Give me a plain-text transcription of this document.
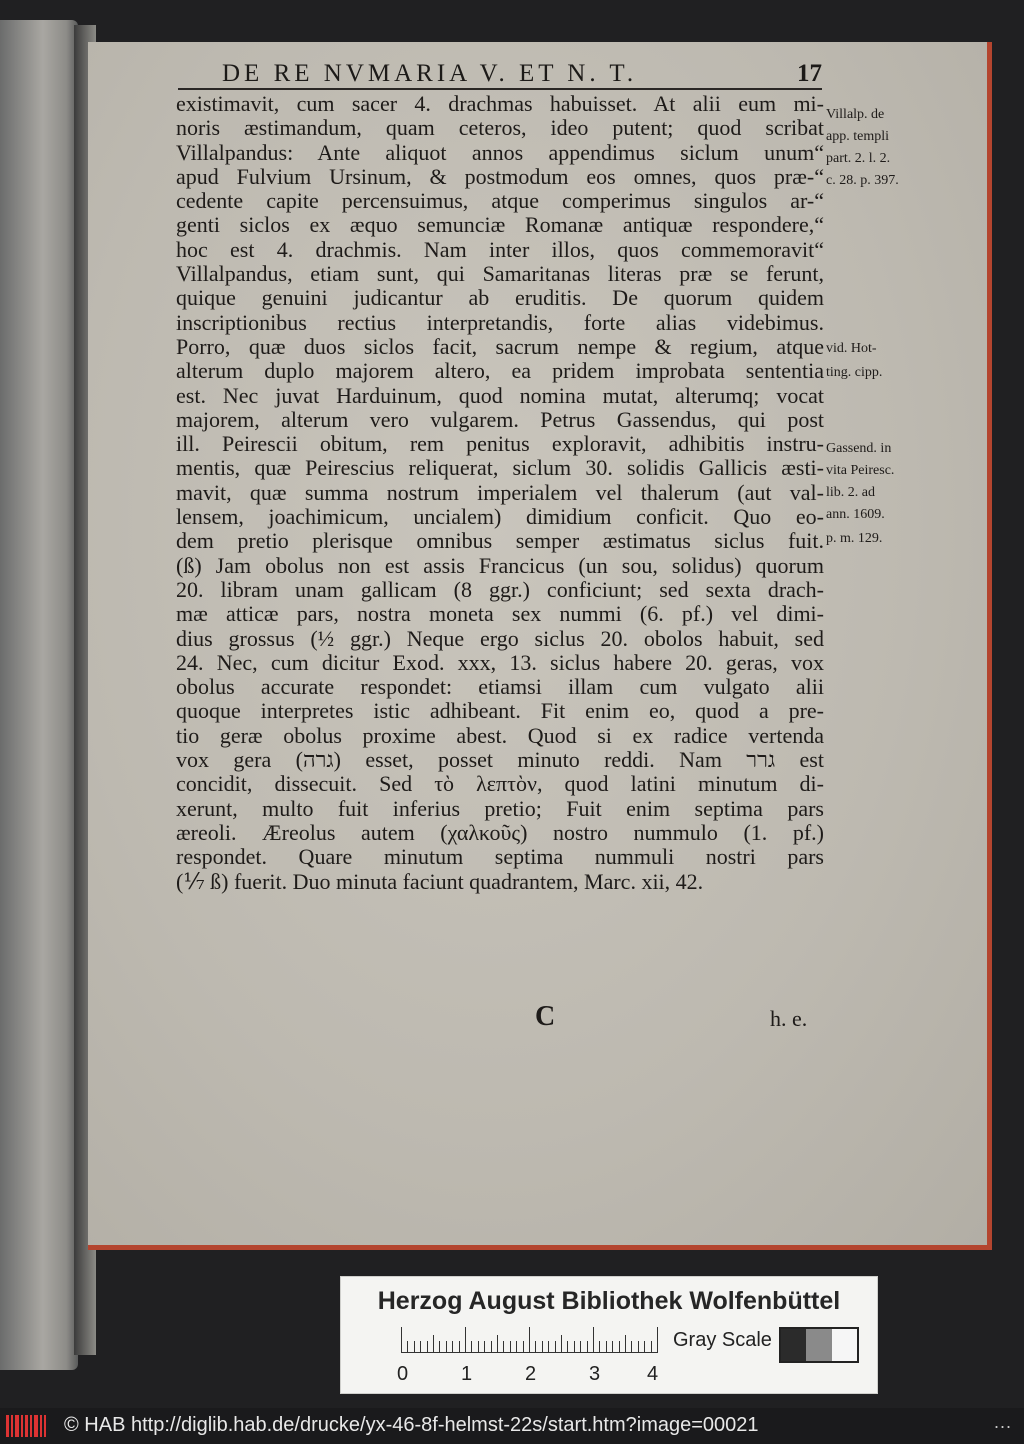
DE RE NVMARIA V. ET N. T.	17
existimavit, cum sacer 4. drachmas habuisset. At alii eum mi-
noris æstimandum, quam ceteros, ideo putent; quod scribat
Villalpandus: Ante aliquot annos appendimus siclum unum“
apud Fulvium Ursinum, & postmodum eos omnes, quos præ-“
cedente capite percensuimus, atque comperimus singulos ar-“
genti siclos ex æquo semunciæ Romanæ antiquæ respondere,“
hoc est 4. drachmis. Nam inter illos, quos commemoravit“
Villalpandus, etiam sunt, qui Samaritanas literas præ se ferunt,
quique genuini judicantur ab eruditis. De quorum quidem
inscriptionibus rectius interpretandis, forte alias videbimus.
Porro, quæ duos siclos facit, sacrum nempe & regium, atque
alterum duplo majorem altero, ea pridem improbata sententia
est. Nec juvat Harduinum, quod nomina mutat, alterumq; vocat
majorem, alterum vero vulgarem. Petrus Gassendus, qui post
ill. Peirescii obitum, rem penitus exploravit, adhibitis instru-
mentis, quæ Peirescius reliquerat, siclum 30. solidis Gallicis æsti-
mavit, quæ summa nostrum imperialem vel thalerum (aut val-
lensem, joachimicum, uncialem) dimidium conficit. Quo eo-
dem pretio plerisque omnibus semper æstimatus siclus fuit.
(ß) Jam obolus non est assis Francicus (un sou, solidus) quorum
20. libram unam gallicam (8 ggr.) conficiunt; sed sexta drach-
mæ atticæ pars, nostra moneta sex nummi (6. pf.) vel dimi-
dius grossus (½ ggr.) Neque ergo siclus 20. obolos habuit, sed
24. Nec, cum dicitur Exod. xxx, 13. siclus habere 20. geras, vox
obolus accurate respondet: etiamsi illam cum vulgato alii
quoque interpretes istic adhibeant. Fit enim eo, quod a pre-
tio geræ obolus proxime abest. Quod si ex radice vertenda
vox gera (גרה) esset, posset minuto reddi. Nam גרר est
concidit, dissecuit. Sed τὸ λεπτὸν, quod latini minutum di-
xerunt, multo fuit inferius pretio; Fuit enim septima pars
æreoli. Æreolus autem (χαλκοῦς) nostro nummulo (1. pf.)
respondet. Quare minutum septima nummuli nostri pars
(⅐ ß) fuerit. Duo minuta faciunt quadrantem, Marc. xii, 42.
Villalp. de
app. templi
part. 2. l. 2.
c. 28. p. 397.
vid. Hot-
ting. cipp.
Gassend. in
vita Peiresc.
lib. 2. ad
ann. 1609.
p. m. 129.
C	h. e.
Herzog August Bibliothek Wolfenbüttel
0	1	2	3 4
Gray Scale
© HAB http://diglib.hab.de/drucke/yx-46-8f-helmst-22s/start.htm?image=00021	...
